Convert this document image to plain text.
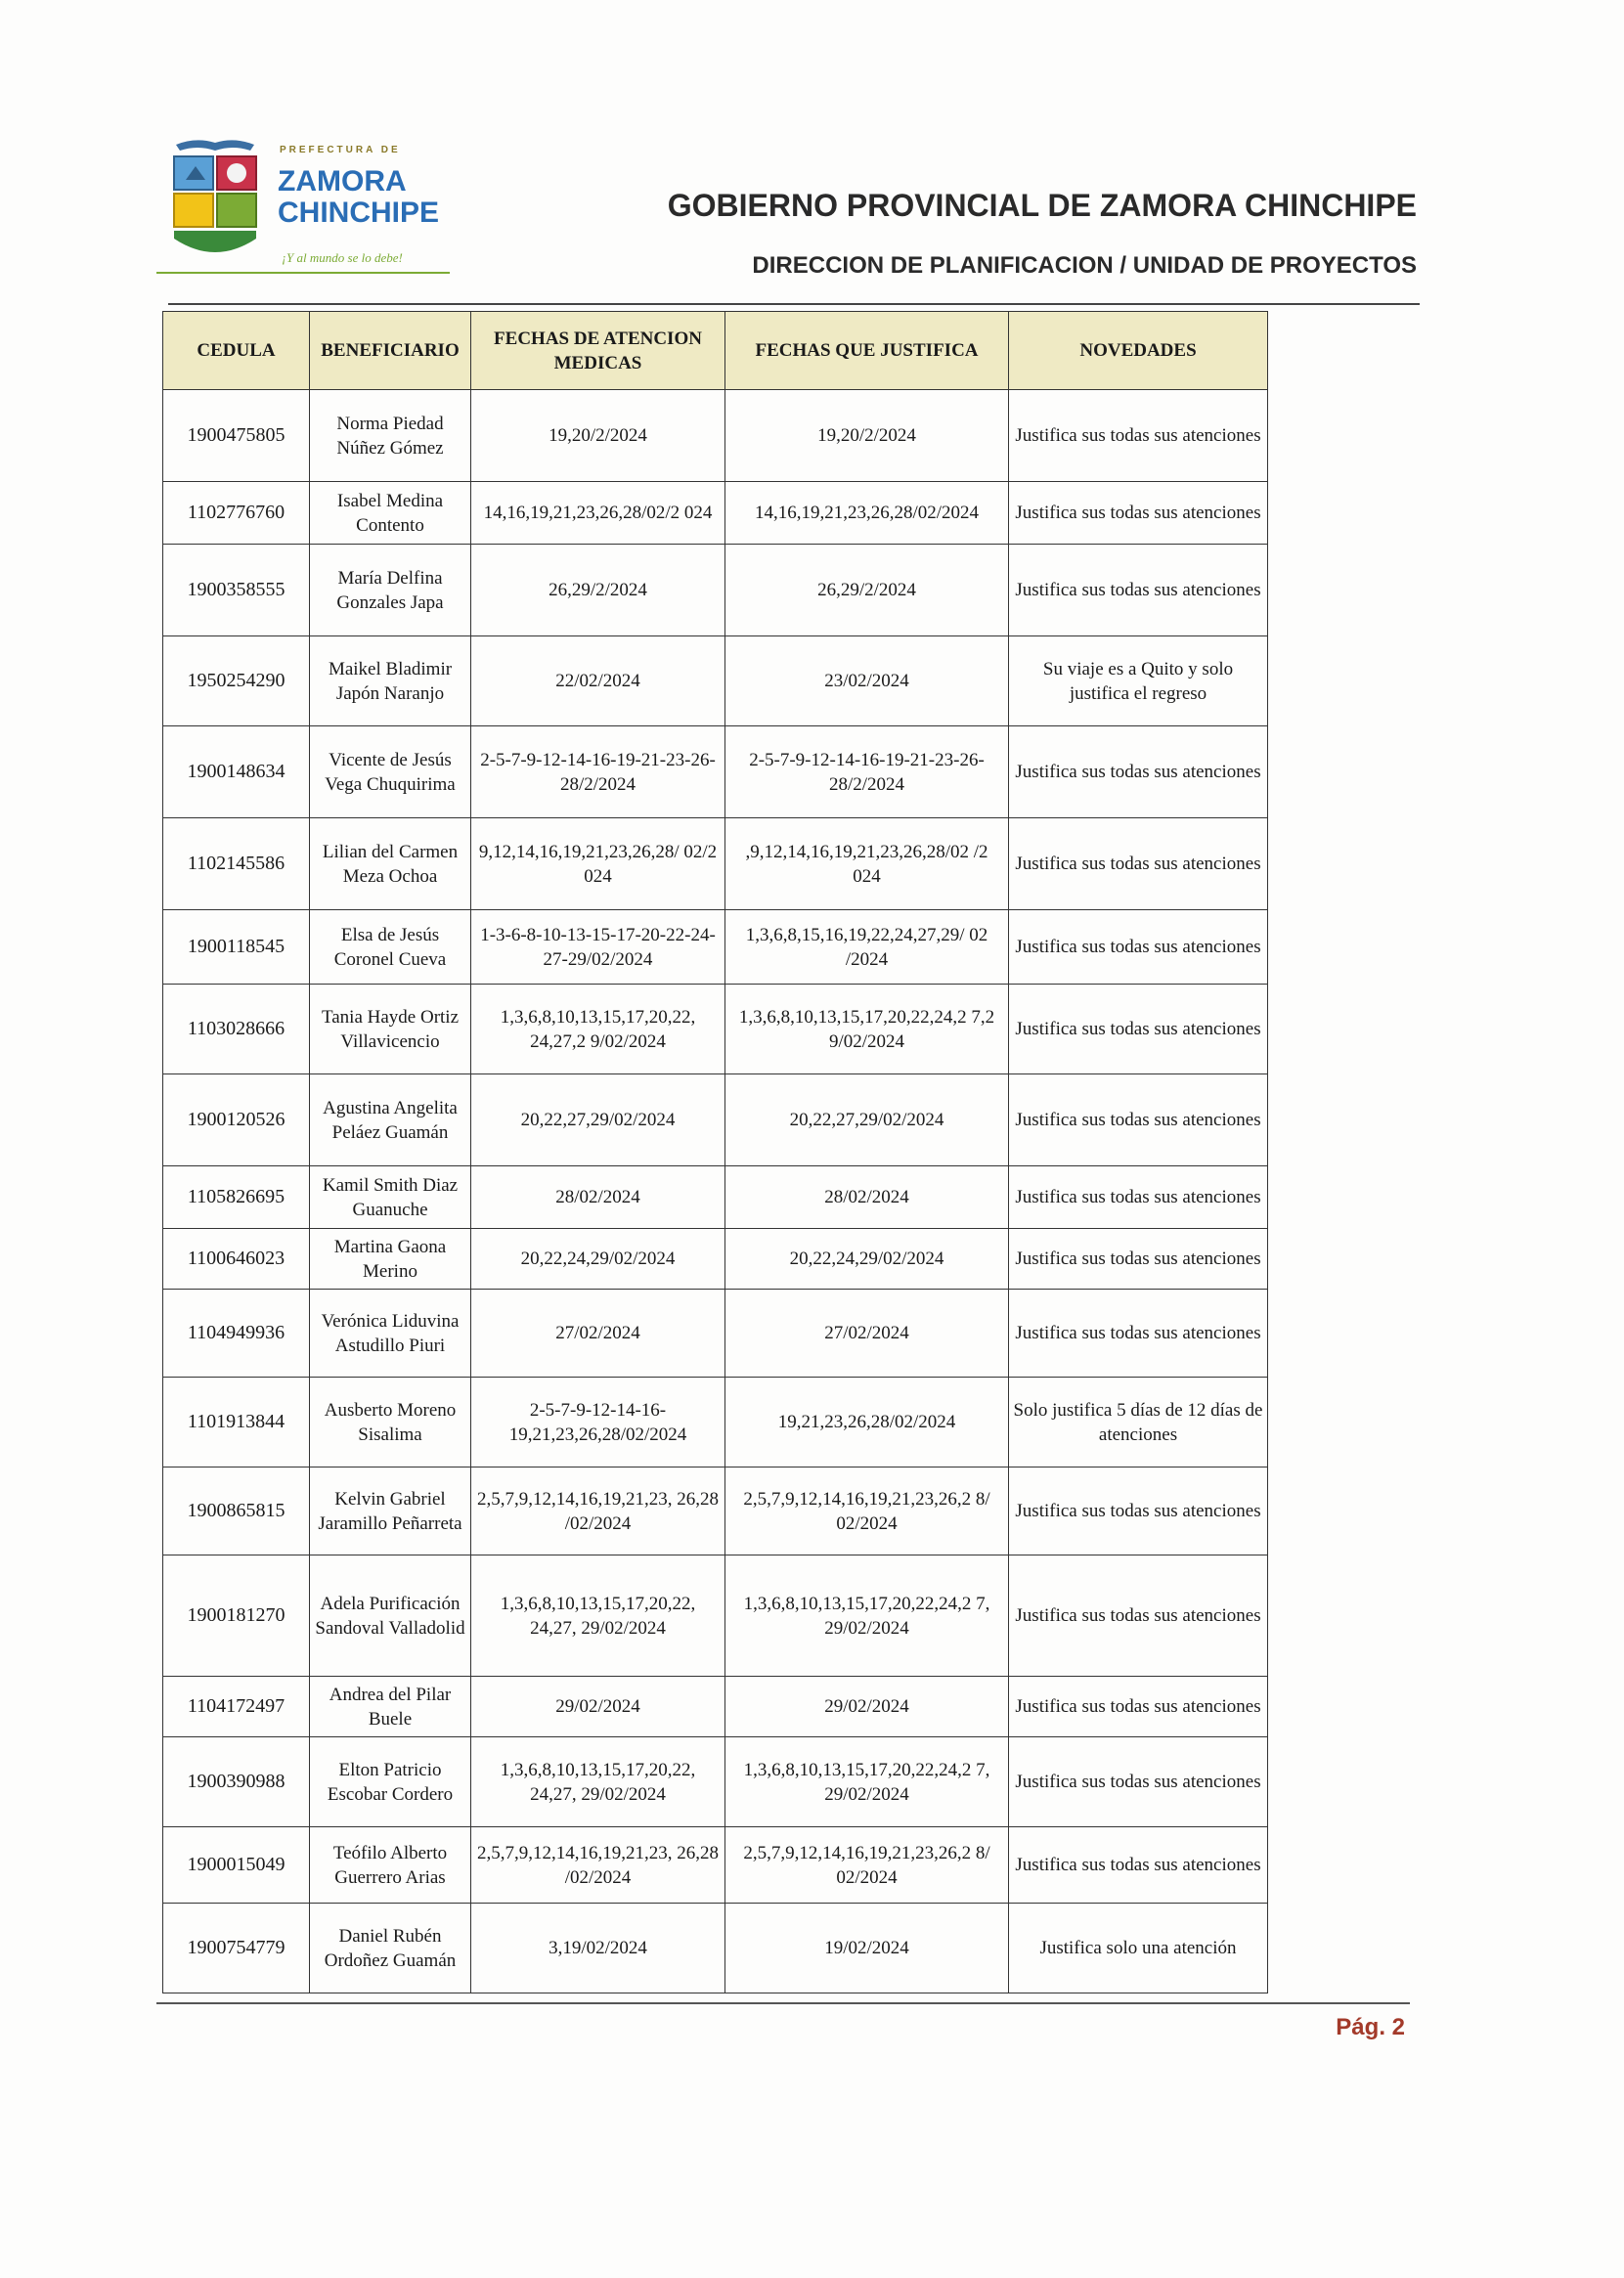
PREFECTURA DE
ZAMORA
CHINCHIPE
¡Y al mundo se lo debe!
GOBIERNO PROVINCIAL DE ZAMORA CHINCHIPE
DIRECCION DE PLANIFICACION / UNIDAD DE PROYECTOS
CEDULA	BENEFICIARIO	FECHAS DE ATENCION MEDICAS	FECHAS QUE JUSTIFICA	NOVEDADES
1900475805	Norma Piedad Núñez Gómez	19,20/2/2024	19,20/2/2024	Justifica sus todas sus atenciones
1102776760	Isabel Medina Contento	14,16,19,21,23,26,28/02/2 024	14,16,19,21,23,26,28/02/2024	Justifica sus todas sus atenciones
1900358555	María Delfina Gonzales Japa	26,29/2/2024	26,29/2/2024	Justifica sus todas sus atenciones
1950254290	Maikel Bladimir Japón Naranjo	22/02/2024	23/02/2024	Su viaje es a Quito y solo justifica el regreso
1900148634	Vicente de Jesús Vega Chuquirima	2-5-7-9-12-14-16-19-21-23-26-28/2/2024	2-5-7-9-12-14-16-19-21-23-26-28/2/2024	Justifica sus todas sus atenciones
1102145586	Lilian del Carmen Meza Ochoa	9,12,14,16,19,21,23,26,28/ 02/2 024	,9,12,14,16,19,21,23,26,28/02 /2 024	Justifica sus todas sus atenciones
1900118545	Elsa de Jesús Coronel Cueva	1-3-6-8-10-13-15-17-20-22-24-27-29/02/2024	1,3,6,8,15,16,19,22,24,27,29/ 02 /2024	Justifica sus todas sus atenciones
1103028666	Tania Hayde Ortiz Villavicencio	1,3,6,8,10,13,15,17,20,22, 24,27,2 9/02/2024	1,3,6,8,10,13,15,17,20,22,24,2 7,2 9/02/2024	Justifica sus todas sus atenciones
1900120526	Agustina Angelita Peláez Guamán	20,22,27,29/02/2024	20,22,27,29/02/2024	Justifica sus todas sus atenciones
1105826695	Kamil Smith Diaz Guanuche	28/02/2024	28/02/2024	Justifica sus todas sus atenciones
1100646023	Martina Gaona Merino	20,22,24,29/02/2024	20,22,24,29/02/2024	Justifica sus todas sus atenciones
1104949936	Verónica Liduvina Astudillo Piuri	27/02/2024	27/02/2024	Justifica sus todas sus atenciones
1101913844	Ausberto Moreno Sisalima	2-5-7-9-12-14-16-19,21,23,26,28/02/2024	19,21,23,26,28/02/2024	Solo justifica 5 días de 12 días de atenciones
1900865815	Kelvin Gabriel Jaramillo Peñarreta	2,5,7,9,12,14,16,19,21,23, 26,28 /02/2024	2,5,7,9,12,14,16,19,21,23,26,2 8/ 02/2024	Justifica sus todas sus atenciones
1900181270	Adela Purificación Sandoval Valladolid	1,3,6,8,10,13,15,17,20,22, 24,27, 29/02/2024	1,3,6,8,10,13,15,17,20,22,24,2 7, 29/02/2024	Justifica sus todas sus atenciones
1104172497	Andrea del Pilar Buele	29/02/2024	29/02/2024	Justifica sus todas sus atenciones
1900390988	Elton Patricio Escobar Cordero	1,3,6,8,10,13,15,17,20,22, 24,27, 29/02/2024	1,3,6,8,10,13,15,17,20,22,24,2 7, 29/02/2024	Justifica sus todas sus atenciones
1900015049	Teófilo Alberto Guerrero Arias	2,5,7,9,12,14,16,19,21,23, 26,28 /02/2024	2,5,7,9,12,14,16,19,21,23,26,2 8/ 02/2024	Justifica sus todas sus atenciones
1900754779	Daniel Rubén Ordoñez Guamán	3,19/02/2024	19/02/2024	Justifica solo una atención
Pág. 2
